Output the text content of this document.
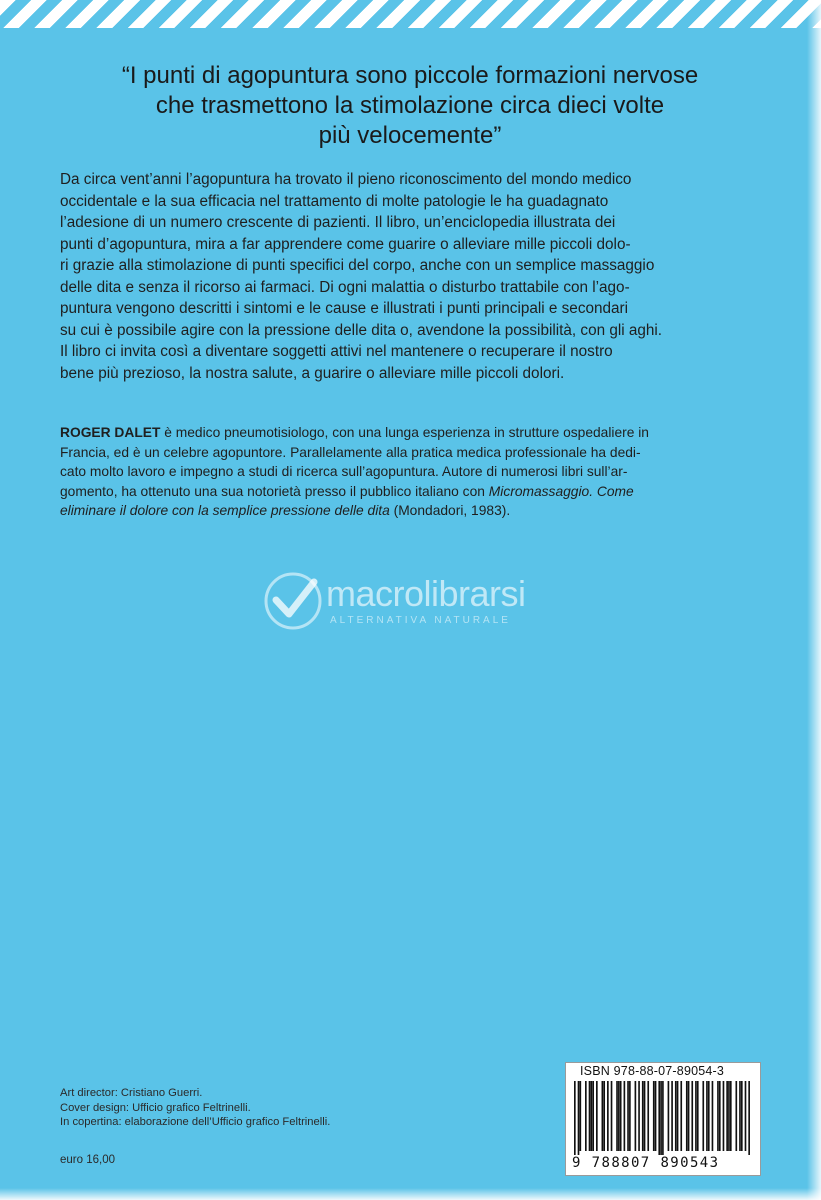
“I punti di agopuntura sono piccole formazioni nervose
che trasmettono la stimolazione circa dieci volte
più velocemente”
Da circa vent’anni l’agopuntura ha trovato il pieno riconoscimento del mondo medico
occidentale e la sua efficacia nel trattamento di molte patologie le ha guadagnato
l’adesione di un numero crescente di pazienti. Il libro, un’enciclopedia illustrata dei
punti d’agopuntura, mira a far apprendere come guarire o alleviare mille piccoli dolo-
ri grazie alla stimolazione di punti specifici del corpo, anche con un semplice massaggio
delle dita e senza il ricorso ai farmaci. Di ogni malattia o disturbo trattabile con l’ago-
puntura vengono descritti i sintomi e le cause e illustrati i punti principali e secondari
su cui è possibile agire con la pressione delle dita o, avendone la possibilità, con gli aghi.
Il libro ci invita così a diventare soggetti attivi nel mantenere o recuperare il nostro
bene più prezioso, la nostra salute, a guarire o alleviare mille piccoli dolori.
ROGER DALET è medico pneumotisiologo, con una lunga esperienza in strutture ospedaliere in
Francia, ed è un celebre agopuntore. Parallelamente alla pratica medica professionale ha dedi-
cato molto lavoro e impegno a studi di ricerca sull’agopuntura. Autore di numerosi libri sull’ar-
gomento, ha ottenuto una sua notorietà presso il pubblico italiano con Micromassaggio. Come
eliminare il dolore con la semplice pressione delle dita (Mondadori, 1983).
macrolibrarsi
ALTERNATIVA NATURALE
Art director: Cristiano Guerri.
Cover design: Ufficio grafico Feltrinelli.
In copertina: elaborazione dell’Ufficio grafico Feltrinelli.
euro 16,00
ISBN 978-88-07-89054-3
9 788807 890543
